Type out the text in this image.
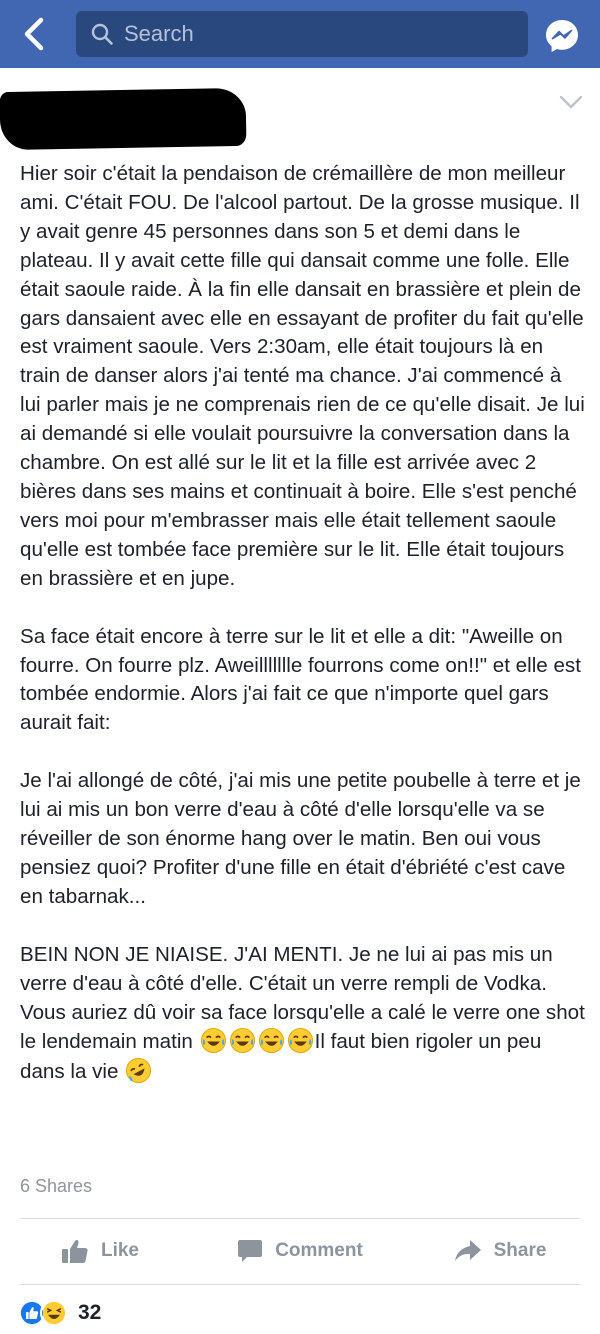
Search

Hier soir c'était la pendaison de crémaillère de mon meilleur ami. C'était FOU. De l'alcool partout. De la grosse musique. Il y avait genre 45 personnes dans son 5 et demi dans le plateau. Il y avait cette fille qui dansait comme une folle. Elle était saoule raide. À la fin elle dansait en brassière et plein de gars dansaient avec elle en essayant de profiter du fait qu'elle est vraiment saoule. Vers 2:30am, elle était toujours là en train de danser alors j'ai tenté ma chance. J'ai commencé à lui parler mais je ne comprenais rien de ce qu'elle disait. Je lui ai demandé si elle voulait poursuivre la conversation dans la chambre. On est allé sur le lit et la fille est arrivée avec 2 bières dans ses mains et continuait à boire. Elle s'est penché vers moi pour m'embrasser mais elle était tellement saoule qu'elle est tombée face première sur le lit. Elle était toujours en brassière et en jupe.

Sa face était encore à terre sur le lit et elle a dit: "Aweille on fourre. On fourre plz. Aweillllllle fourrons come on!!" et elle est tombée endormie. Alors j'ai fait ce que n'importe quel gars aurait fait:

Je l'ai allongé de côté, j'ai mis une petite poubelle à terre et je lui ai mis un bon verre d'eau à côté d'elle lorsqu'elle va se réveiller de son énorme hang over le matin. Ben oui vous pensiez quoi? Profiter d'une fille en était d'ébriété c'est cave en tabarnak...

BEIN NON JE NIAISE. J'AI MENTI. Je ne lui ai pas mis un verre d'eau à côté d'elle. C'était un verre rempli de Vodka. Vous auriez dû voir sa face lorsqu'elle a calé le verre one shot le lendemain matin	Il faut bien rigoler un peu dans la vie

6 Shares
Like	Comment	Share
32
